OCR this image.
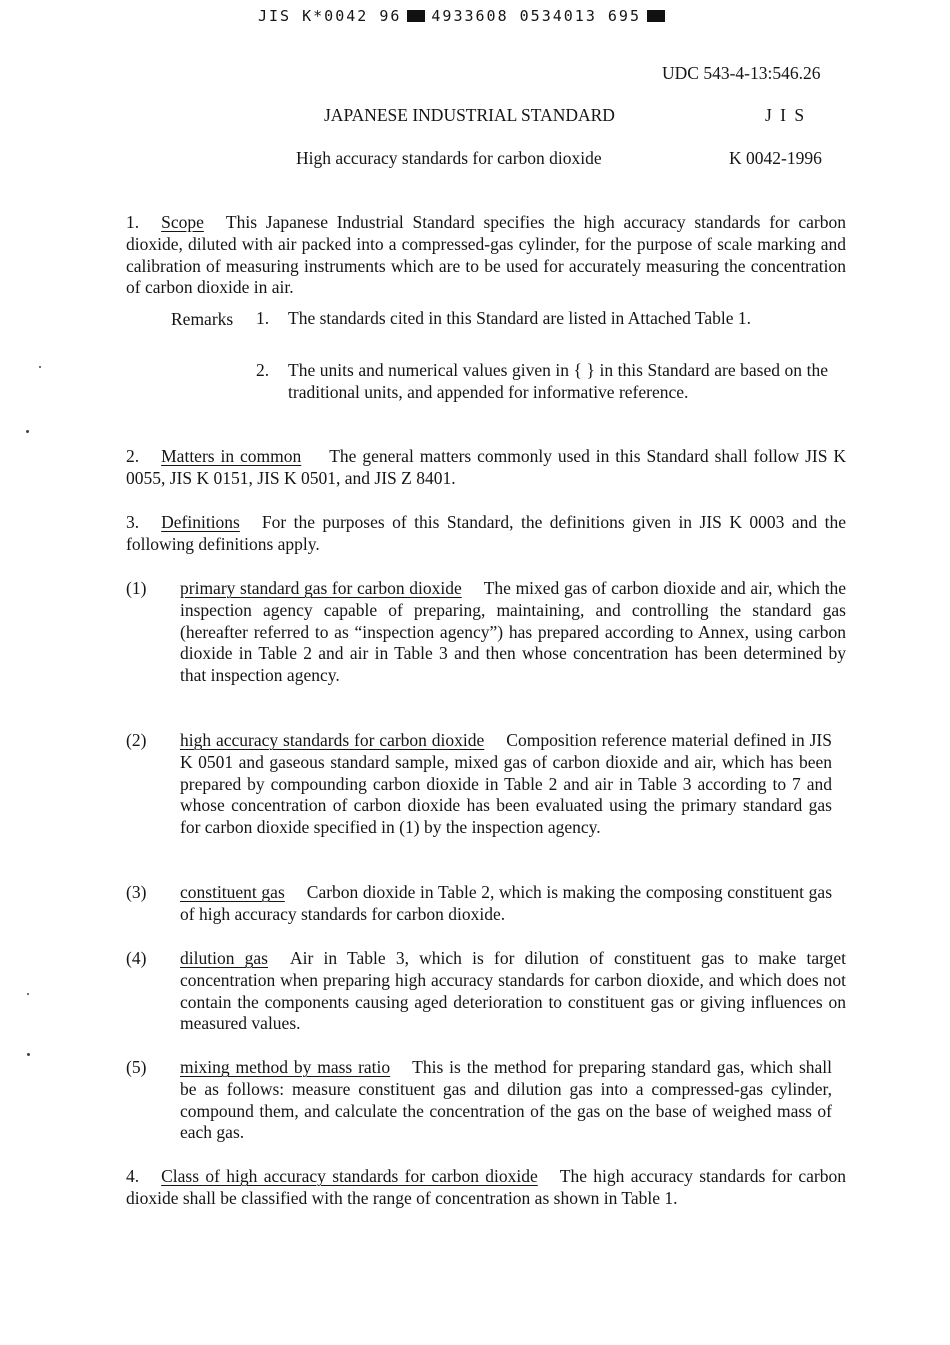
JIS K*0042 96 4933608 0534013 695
UDC 543-4-13:546.26
JAPANESE INDUSTRIAL STANDARD	J I S
High accuracy standards for carbon dioxide	K 0042-1996
1. Scope This Japanese Industrial Standard specifies the high accuracy standards for carbon dioxide, diluted with air packed into a compressed-gas cylinder, for the purpose of scale marking and calibration of measuring instruments which are to be used for accurately measuring the concentration of carbon dioxide in air.
Remarks 1. The standards cited in this Standard are listed in Attached Table 1.
2. The units and numerical values given in { } in this Standard are based on the traditional units, and appended for informative reference.
2. Matters in common The general matters commonly used in this Standard shall follow JIS K 0055, JIS K 0151, JIS K 0501, and JIS Z 8401.
3. Definitions For the purposes of this Standard, the definitions given in JIS K 0003 and the following definitions apply.
(1) primary standard gas for carbon dioxide The mixed gas of carbon dioxide and air, which the inspection agency capable of preparing, maintaining, and controlling the standard gas (hereafter referred to as “inspection agency”) has prepared according to Annex, using carbon dioxide in Table 2 and air in Table 3 and then whose concentration has been determined by that inspection agency.
(2) high accuracy standards for carbon dioxide Composition reference material defined in JIS K 0501 and gaseous standard sample, mixed gas of carbon dioxide and air, which has been prepared by compounding carbon dioxide in Table 2 and air in Table 3 according to 7 and whose concentration of carbon dioxide has been evaluated using the primary standard gas for carbon dioxide specified in (1) by the inspection agency.
(3) constituent gas Carbon dioxide in Table 2, which is making the composing constituent gas of high accuracy standards for carbon dioxide.
(4) dilution gas Air in Table 3, which is for dilution of constituent gas to make target concentration when preparing high accuracy standards for carbon dioxide, and which does not contain the components causing aged deterioration to constituent gas or giving influences on measured values.
(5) mixing method by mass ratio This is the method for preparing standard gas, which shall be as follows: measure constituent gas and dilution gas into a compressed-gas cylinder, compound them, and calculate the concentration of the gas on the base of weighed mass of each gas.
4. Class of high accuracy standards for carbon dioxide The high accuracy standards for carbon dioxide shall be classified with the range of concentration as shown in Table 1.
